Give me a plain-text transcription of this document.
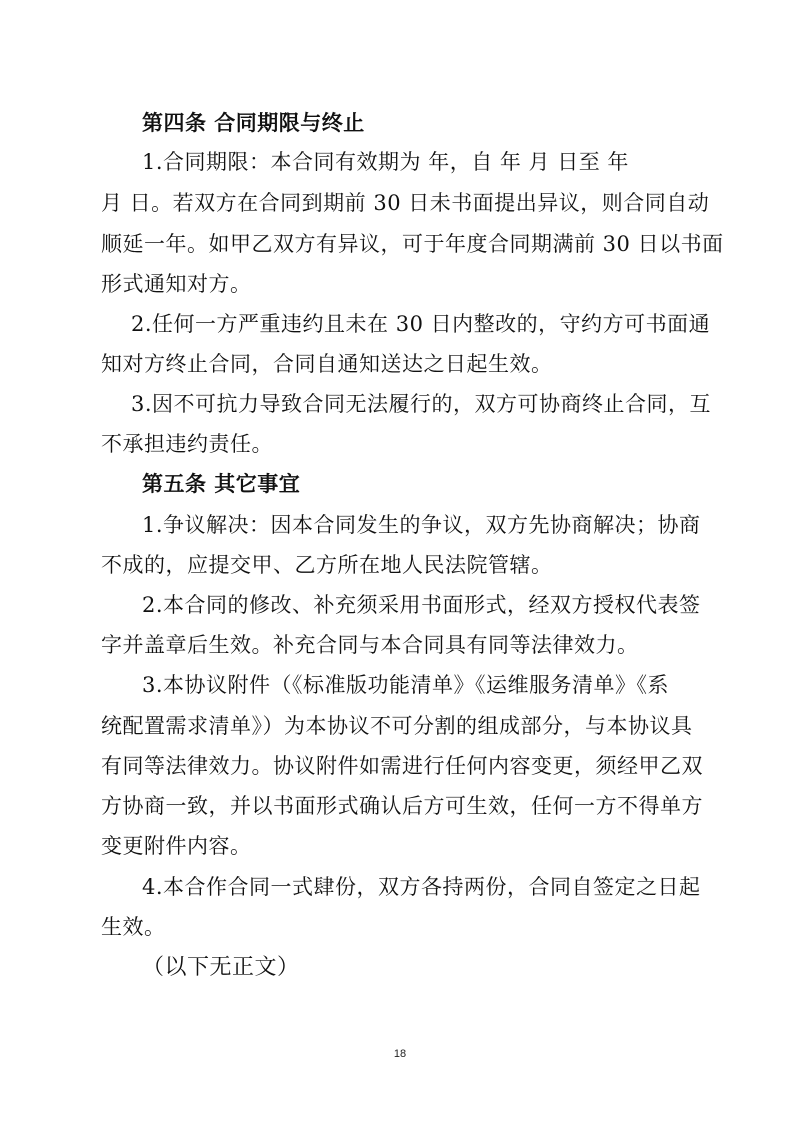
第四条 合同期限与终止
1.合同期限：本合同有效期为 年，自 年 月 日至 年
月 日。若双方在合同到期前 30 日未书面提出异议，则合同自动
顺延一年。如甲乙双方有异议，可于年度合同期满前 30 日以书面
形式通知对方。
2.任何一方严重违约且未在 30 日内整改的，守约方可书面通
知对方终止合同，合同自通知送达之日起生效。
3.因不可抗力导致合同无法履行的，双方可协商终止合同，互
不承担违约责任。
第五条 其它事宜
1.争议解决：因本合同发生的争议，双方先协商解决；协商
不成的，应提交甲、乙方所在地人民法院管辖。
2.本合同的修改、补充须采用书面形式，经双方授权代表签
字并盖章后生效。补充合同与本合同具有同等法律效力。
3.本协议附件（《标准版功能清单》《运维服务清单》《系
统配置需求清单》）为本协议不可分割的组成部分，与本协议具
有同等法律效力。协议附件如需进行任何内容变更，须经甲乙双
方协商一致，并以书面形式确认后方可生效，任何一方不得单方
变更附件内容。
4.本合作合同一式肆份，双方各持两份，合同自签定之日起
生效。
（以下无正文）
18
